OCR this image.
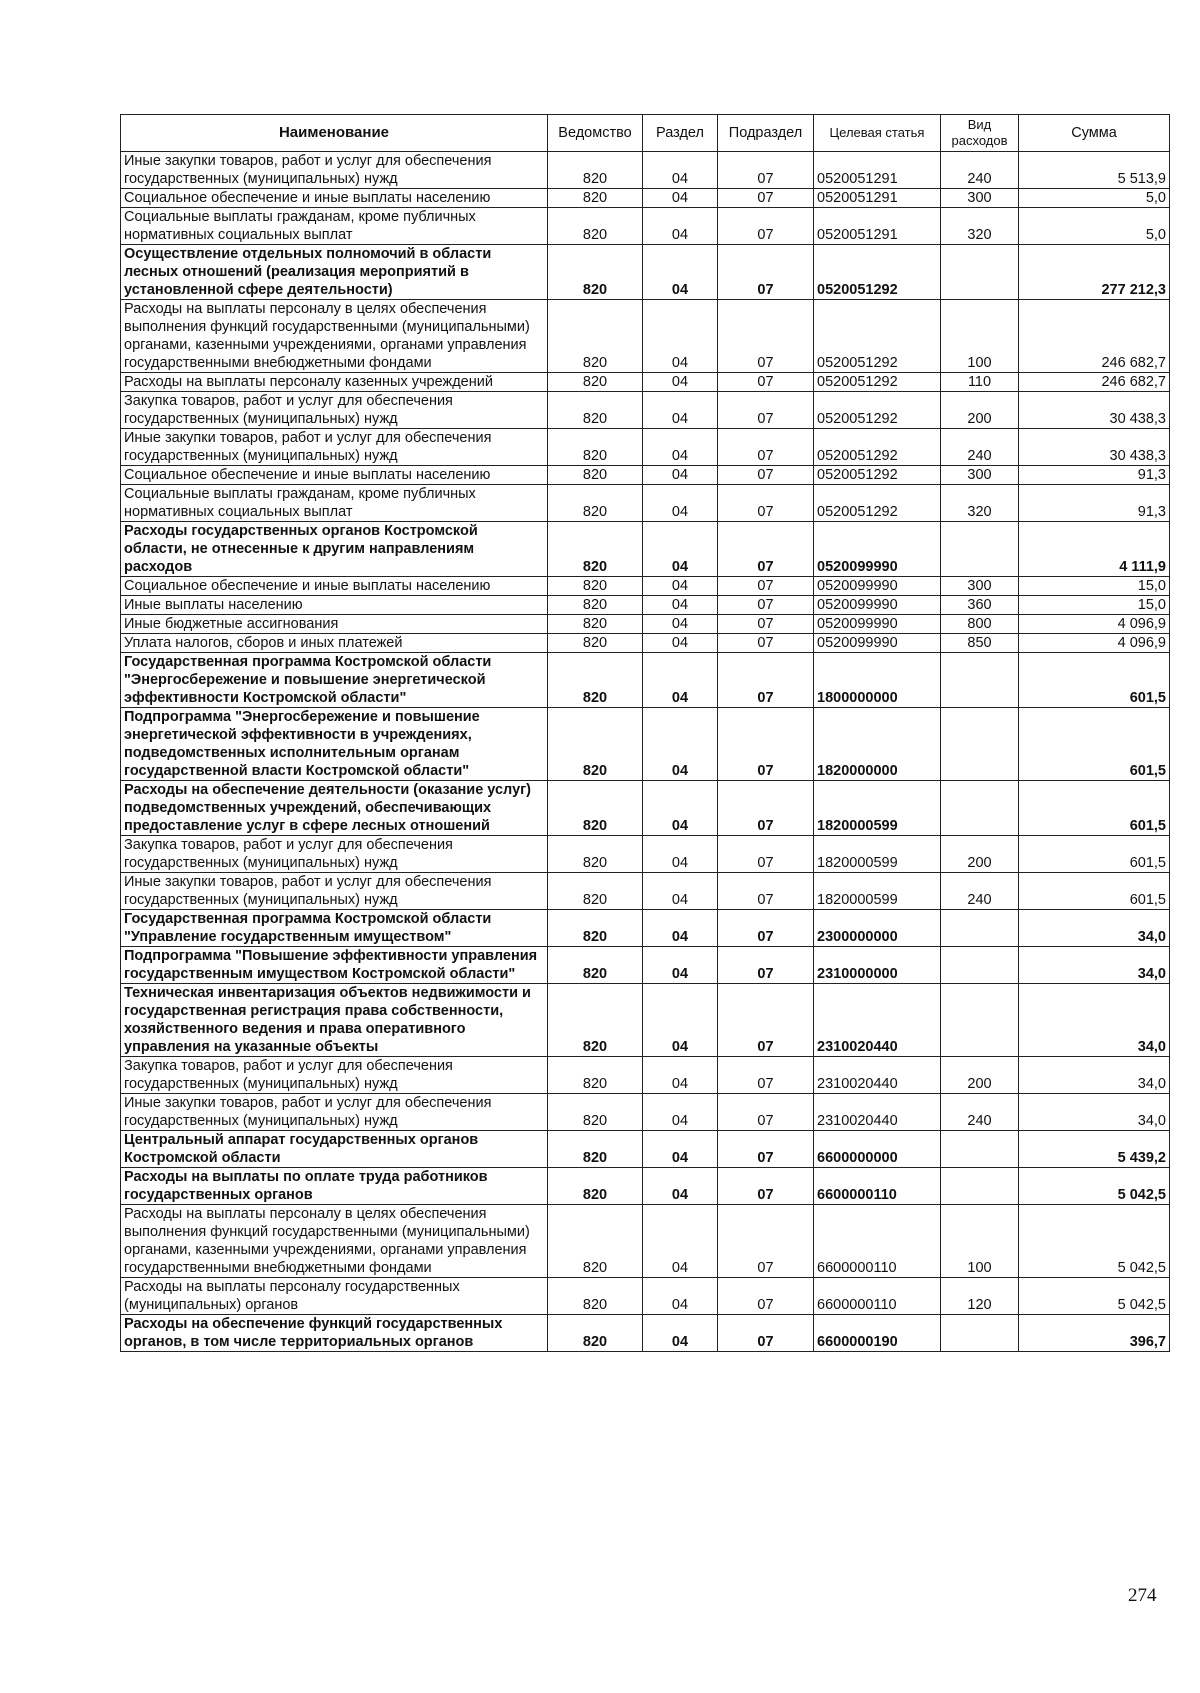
Наименование	Ведомство	Раздел	Подраздел	Целевая статья	Вид расходов	Сумма
Иные закупки товаров, работ и услуг для обеспечения государственных (муниципальных) нужд	820	04	07	0520051291	240	5 513,9
Социальное обеспечение и иные выплаты населению	820	04	07	0520051291	300	5,0
Социальные выплаты гражданам, кроме публичных нормативных социальных выплат	820	04	07	0520051291	320	5,0
Осуществление отдельных полномочий в области лесных отношений (реализация мероприятий в установленной сфере деятельности)	820	04	07	0520051292		277 212,3
Расходы на выплаты персоналу в целях обеспечения выполнения функций государственными (муниципальными) органами, казенными учреждениями, органами управления государственными внебюджетными фондами	820	04	07	0520051292	100	246 682,7
Расходы на выплаты персоналу казенных учреждений	820	04	07	0520051292	110	246 682,7
Закупка товаров, работ и услуг для обеспечения государственных (муниципальных) нужд	820	04	07	0520051292	200	30 438,3
Иные закупки товаров, работ и услуг для обеспечения государственных (муниципальных) нужд	820	04	07	0520051292	240	30 438,3
Социальное обеспечение и иные выплаты населению	820	04	07	0520051292	300	91,3
Социальные выплаты гражданам, кроме публичных нормативных социальных выплат	820	04	07	0520051292	320	91,3
Расходы государственных органов Костромской области, не отнесенные к другим направлениям расходов	820	04	07	0520099990		4 111,9
Социальное обеспечение и иные выплаты населению	820	04	07	0520099990	300	15,0
Иные выплаты населению	820	04	07	0520099990	360	15,0
Иные бюджетные ассигнования	820	04	07	0520099990	800	4 096,9
Уплата налогов, сборов и иных платежей	820	04	07	0520099990	850	4 096,9
Государственная программа Костромской области "Энергосбережение и повышение энергетической эффективности Костромской области"	820	04	07	1800000000		601,5
Подпрограмма "Энергосбережение и повышение энергетической эффективности в учреждениях, подведомственных исполнительным органам государственной власти Костромской области"	820	04	07	1820000000		601,5
Расходы на обеспечение деятельности (оказание услуг) подведомственных учреждений, обеспечивающих предоставление услуг в сфере лесных отношений	820	04	07	1820000599		601,5
Закупка товаров, работ и услуг для обеспечения государственных (муниципальных) нужд	820	04	07	1820000599	200	601,5
Иные закупки товаров, работ и услуг для обеспечения государственных (муниципальных) нужд	820	04	07	1820000599	240	601,5
Государственная программа Костромской области "Управление государственным имуществом"	820	04	07	2300000000		34,0
Подпрограмма "Повышение эффективности управления государственным имуществом Костромской области"	820	04	07	2310000000		34,0
Техническая инвентаризация объектов недвижимости и государственная регистрация права собственности, хозяйственного ведения и права оперативного управления на указанные объекты	820	04	07	2310020440		34,0
Закупка товаров, работ и услуг для обеспечения государственных (муниципальных) нужд	820	04	07	2310020440	200	34,0
Иные закупки товаров, работ и услуг для обеспечения государственных (муниципальных) нужд	820	04	07	2310020440	240	34,0
Центральный аппарат государственных органов Костромской области	820	04	07	6600000000		5 439,2
Расходы на выплаты по оплате труда работников государственных органов	820	04	07	6600000110		5 042,5
Расходы на выплаты персоналу в целях обеспечения выполнения функций государственными (муниципальными) органами, казенными учреждениями, органами управления государственными внебюджетными фондами	820	04	07	6600000110	100	5 042,5
Расходы на выплаты персоналу государственных (муниципальных) органов	820	04	07	6600000110	120	5 042,5
Расходы на обеспечение функций государственных органов, в том числе территориальных органов	820	04	07	6600000190		396,7
274
